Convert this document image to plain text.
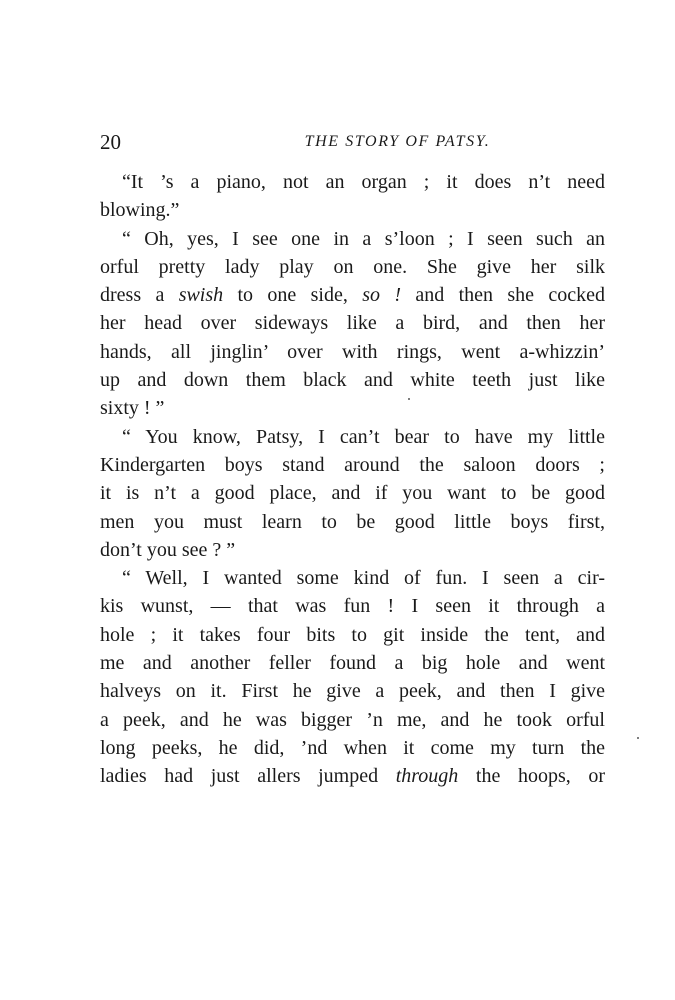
20	THE STORY OF PATSY.
“It ’s a piano, not an organ ; it does n’t need
blowing.”
“ Oh, yes, I see one in a s’loon ; I seen such an
orful pretty lady play on one. She give her silk
dress a swish to one side, so ! and then she cocked
her head over sideways like a bird, and then her
hands, all jinglin’ over with rings, went a-whizzin’
up and down them black and white teeth just like
sixty ! ”
“ You know, Patsy, I can’t bear to have my little
Kindergarten boys stand around the saloon doors ;
it is n’t a good place, and if you want to be good
men you must learn to be good little boys first,
don’t you see ? ”
“ Well, I wanted some kind of fun. I seen a cir-
kis wunst, — that was fun ! I seen it through a
hole ; it takes four bits to git inside the tent, and
me and another feller found a big hole and went
halveys on it. First he give a peek, and then I give
a peek, and he was bigger ’n me, and he took orful
long peeks, he did, ’nd when it come my turn the
ladies had just allers jumped through the hoops, or
